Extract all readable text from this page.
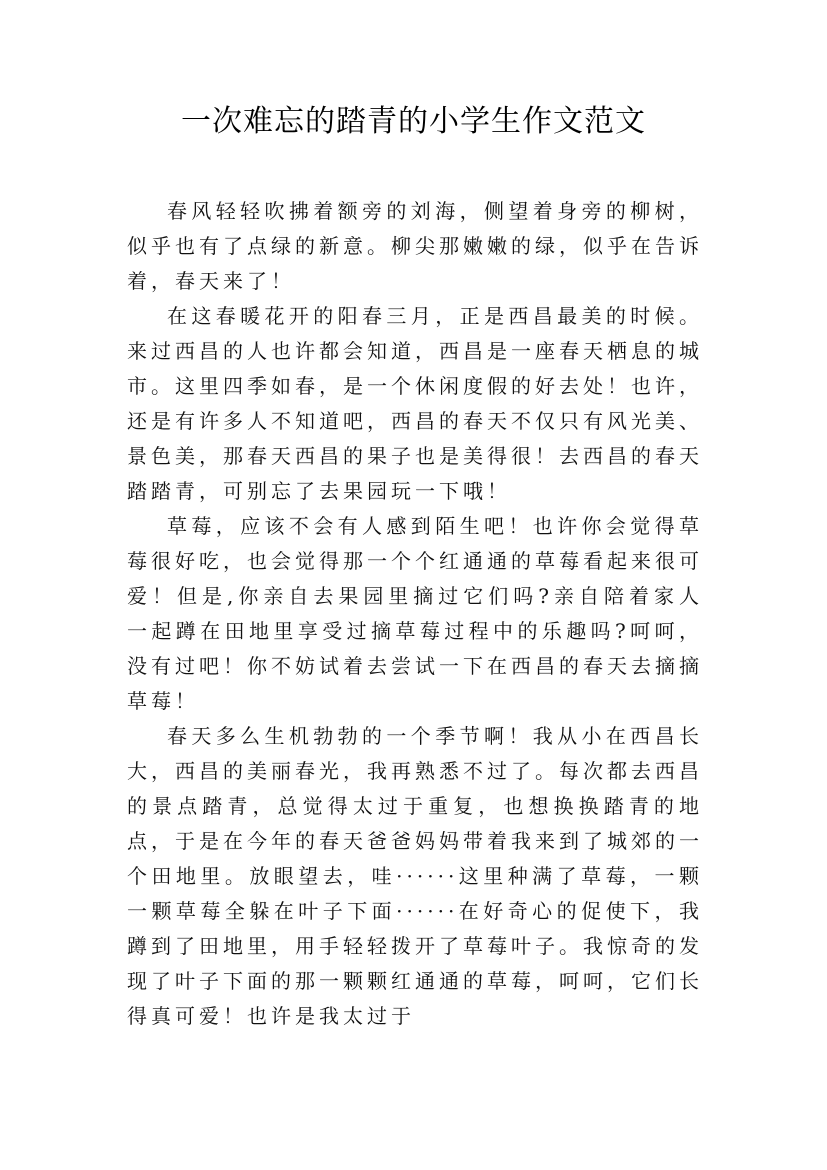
一次难忘的踏青的小学生作文范文

春风轻轻吹拂着额旁的刘海，侧望着身旁的柳树，似乎也有了点绿的新意。柳尖那嫩嫩的绿，似乎在告诉着，春天来了！

在这春暖花开的阳春三月，正是西昌最美的时候。来过西昌的人也许都会知道，西昌是一座春天栖息的城市。这里四季如春，是一个休闲度假的好去处！也许，还是有许多人不知道吧，西昌的春天不仅只有风光美、景色美，那春天西昌的果子也是美得很！去西昌的春天踏踏青，可别忘了去果园玩一下哦！

草莓，应该不会有人感到陌生吧！也许你会觉得草莓很好吃，也会觉得那一个个红通通的草莓看起来很可爱！但是,你亲自去果园里摘过它们吗?亲自陪着家人一起蹲在田地里享受过摘草莓过程中的乐趣吗?呵呵，没有过吧！你不妨试着去尝试一下在西昌的春天去摘摘草莓！

春天多么生机勃勃的一个季节啊！我从小在西昌长大，西昌的美丽春光，我再熟悉不过了。每次都去西昌的景点踏青，总觉得太过于重复，也想换换踏青的地点，于是在今年的春天爸爸妈妈带着我来到了城郊的一个田地里。放眼望去，哇······这里种满了草莓，一颗一颗草莓全躲在叶子下面······在好奇心的促使下，我蹲到了田地里，用手轻轻拨开了草莓叶子。我惊奇的发现了叶子下面的那一颗颗红通通的草莓，呵呵，它们长得真可爱！也许是我太过于
